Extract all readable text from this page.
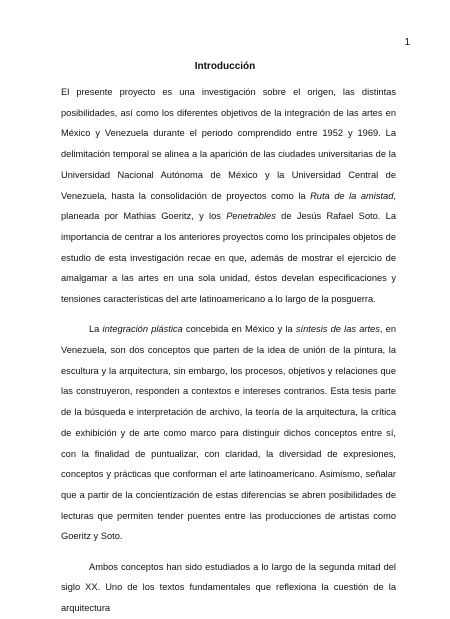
1
Introducción

El presente proyecto es una investigación sobre el origen, las distintas posibilidades, así como los diferentes objetivos de la integración de las artes en México y Venezuela durante el periodo comprendido entre 1952 y 1969. La delimitación temporal se alinea a la aparición de las ciudades universitarias de la Universidad Nacional Autónoma de México y la Universidad Central de Venezuela, hasta la consolidación de proyectos como la Ruta de la amistad, planeada por Mathias Goeritz, y los Penetrables de Jesús Rafael Soto. La importancia de centrar a los anteriores proyectos como los principales objetos de estudio de esta investigación recae en que, además de mostrar el ejercicio de amalgamar a las artes en una sola unidad, éstos develan especificaciones y tensiones características del arte latinoamericano a lo largo de la posguerra.

La integración plástica concebida en México y la síntesis de las artes, en Venezuela, son dos conceptos que parten de la idea de unión de la pintura, la escultura y la arquitectura, sin embargo, los procesos, objetivos y relaciones que las construyeron, responden a contextos e intereses contrarios. Esta tesis parte de la búsqueda e interpretación de archivo, la teoría de la arquitectura, la crítica de exhibición y de arte como marco para distinguir dichos conceptos entre sí, con la finalidad de puntualizar, con claridad, la diversidad de expresiones, conceptos y prácticas que conforman el arte latinoamericano. Asimismo, señalar que a partir de la concientización de estas diferencias se abren posibilidades de lecturas que permiten tender puentes entre las producciones de artistas como Goeritz y Soto.

Ambos conceptos han sido estudiados a lo largo de la segunda mitad del siglo XX. Uno de los textos fundamentales que reflexiona la cuestión de la arquitectura
